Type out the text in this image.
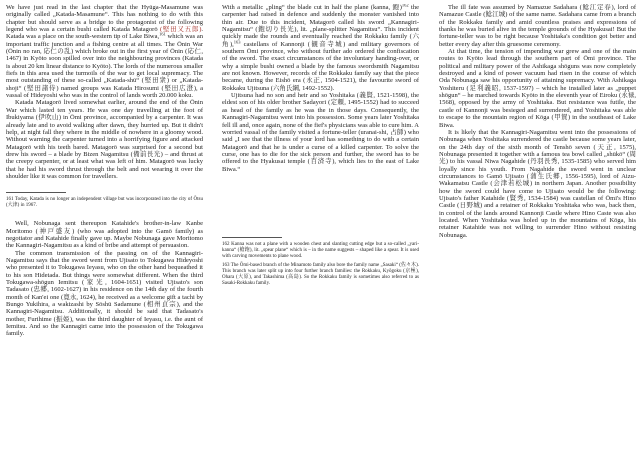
We have just read in the last chapter that the Hyūga-Masamune was originally called „Katada-Masamune“. This has nothing to do with this chapter but should serve as a bridge to the protagonist of the following legend who was a certain bushi called Katada Matagorō (堅田又五郎). Katada was a place on the south-western tip of Lake Biwa,$^{161}$ which was an important traffic junction and a fishing centre at all times. The Ōnin War (Ōnin no ran, 応仁の乱) which broke out in the first year of Ōnin (応仁, 1467) in Kyōto soon spilled over into the neighbouring provinces (Katada is about 20 km linear distance to Kyōto). The lords of the numerous smaller fiefs in this area used the turmoils of the war to get local supremacy. The most outstanding of these so-called „Katada-shū“ (堅田衆) or „Katada-shoji“ (堅田諸侍) named groups was Katada Hirosumi (堅田広澄), a vassal of Hideyoshi who was in the control of lands worth 20.000 koku.

Katada Matagorō lived somewhat earlier, around the end of the Ōnin War which lasted ten years. He was one day travelling at the foot of Ibukiyama (伊吹山) in Ōmi province, accompanied by a carpenter. It was already late and to avoid walking after dawn, they hurried up. But it didn't help, at night fall they where in the middle of nowhere in a gloomy wood. Without warning the carpenter turned into a horrifying figure and attacked Matagorō with his teeth bared. Matagorō was surprised for a second but drew his sword – a blade by Bizen Nagamitsu (備前長光) – and thrust at the creepy carpenter, or at least what was left of him. Matagorō was lucky that he had his sword thrust through the belt and not wearing it over the shoulder like it was common for travellers.

161 Today, Katada is no longer an independent village but was incorporated into the city of Ōtsu (大津) in 1967.

Well, Nobunaga sent thereupon Katahide's brother-in-law Kanbe Moritomo (神戸盛友) (who was adopted into the Gamō family) as negotiator and Katahide finally gave up. Maybe Nobunaga gave Moritomo the Kannagiri-Nagamitsu as a kind of bribe and attempt of persuasion.

The common transmission of the passing on of the Kannagiri-Nagamitsu says that the sword went from Ujisato to Tokugawa Hideyoshi who presented it to Tokugawa Ieyasu, who on the other hand bequeathed it to his son Hidetada. But things were somewhat different. When the third Tokugawa-shōgun Iemitsu (家光, 1604-1651) visited Ujisato's son Tadasato (忠郷, 1602-1627) in his residence on the 14th day of the fourth month of Kan'ei one (寛永, 1624), he received as a welcome gift a tachi by Bungo Yukihira, a wakizashi by Sōshū Sadamune (相州貞宗), and the Kannagiri-Nagamitsu. Additionally, it should be said that Tadasato's mother, Furihime (振姫), was the third daughter of Ieyasu, i.e. the aunt of Iemitsu. And so the Kannagiri came into the possession of the Tokugawa family.

With a metallic „pling“ the blade cut in half the plane (kanna, 鉋)$^{162}$ the carpenter had raised in defence and suddenly the monster vanished into thin air. Due to this incident, Matagorō called his sword „Kannagiri-Nagamitsu“ (鉋切り長光), lit. „plane-splitter Nagamitsu“. This incident quickly made the rounds and eventually reached the Rokkaku family (六角),$^{163}$ castellans of Kannonji (観音寺城) and military governors of southern Ōmi province, who without further ado ordered the confiscation of the sword. The exact circumstances of the involuntary handing-over, or why a simple bushi owned a blade by the famous swordsmith Nagamitsu are not known. However, records of the Rokkaku family say that the piece became, during the Eishō era (永正, 1504-1521), the favourite sword of Rokkaku Ujitsuna (六角氏綱, 1492-1552).

Ujitsuna had no son and heir and so Yoshitaka (義賢, 1521-1598), the eldest son of his older brother Sadayori (定頼, 1495-1552) had to succeed as head of the family as he was the in those days. Consequently, the Kannagiri-Nagamitsu went into his possession. Some years later Yoshitaka fell ill and, once again, none of the fief's physicians was able to cure him. A worried vassal of the family visited a fortune-teller (uranai-shi, 占師) who said „I see that the illness of your lord has something to do with a certain Matagorō and that he is under a curse of a killed carpenter. To solve the curse, one has to die for the sick person and further, the sword has to be offered to the Hyakusai temple (百済寺), which lies to the east of Lake Biwa.“

162 Kanna was not a plane with a wooden chest and slanting cutting edge but a so-called „yari-kanna“ (槍鉋), lit. „spear plane“ which is – in the name suggests – shaped like a spear. It is used with carving movements to plane wood.
163 The Ōmi-based branch of the Minamoto family also bore the family name „Sasaki“ (佐々木). This branch was later split up into four further branch families: the Rokkaku, Kyōgoku (京極), Ohara (大原), and Takashima (高島). So the Rokkaku family is sometimes also referred to as Sasaki-Rokkaku family.

The ill fate was assumed by Namazue Sadahara (鯰江定春), lord of Namazue Castle (鯰江城) of the same name. Sadahara came from a branch of the Rokkaku family and amid countless praises and expressions of thanks he was buried alive in the temple grounds of the Hyakusai! But the fortune-teller was to be right because Yoshitaka's condition got better and better every day after this gruesome ceremony.

At that time, the tension of impending war grew and one of the main routes to Kyōto lead through the southern part of Ōmi province. The political and military power of the Ashikaga shōguns was now completely destroyed and a kind of power vacuum had risen in the course of which Oda Nobunaga saw his opportunity of attaining supremacy. With Ashikaga Yoshiteru (足利義昭, 1537-1597) – which he installed later as „puppet shōgun“ – he marched towards Kyōto in the eleventh year of Eiroku (永禄, 1568), opposed by the army of Yoshitaka. But resistance was futile, the castle of Kannonji was besieged and surrendered, and Yoshitaka was able to escape to the mountain region of Kōga (甲賀) in the southeast of Lake Biwa.

It is likely that the Kannagiri-Nagamitsu went into the possessions of Nobunaga when Yoshitaka surrendered the castle because some years later, on the 24th day of the sixth month of Tenshō seven (天正, 1575), Nobunaga presented it together with a famous tea bowl called „shūkō“ (周光) to his vassal Niwa Nagahide (丹羽長秀, 1535-1585) who served him loyally since his youth. From Nagahide the sword went in unclear circumstances to Gamō Ujisato (蒲生氏郷, 1556-1595), lord of Aizu-Wakamatsu Castle (会津若松城) in northern Japan. Another possibility how the sword could have come to Ujisato would be the following: Ujisato's father Katahide (賢秀, 1534-1584) was castellan of Ōmi's Hino Castle (日野城) and a retainer of Rokkaku Yoshitaka who was, back then, in control of the lands around Kannonji Castle where Hino Caste was also located. When Yoshitaka was holed up in the mountains of Kōga, his retainer Katahide was not willing to surrender Hino without resisting Nobunaga.
